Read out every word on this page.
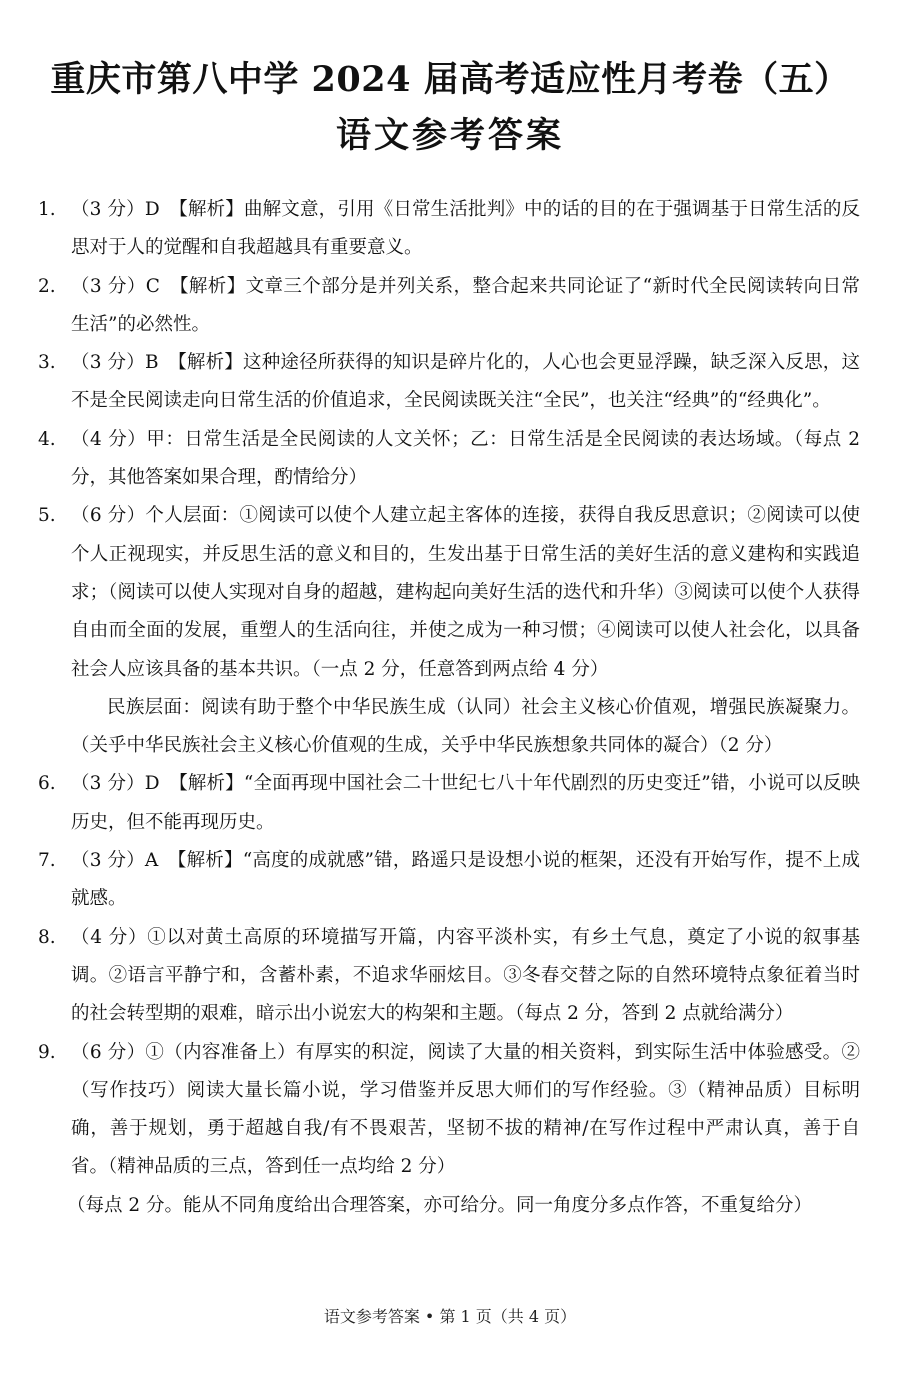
重庆市第八中学 2024 届高考适应性月考卷（五）
语文参考答案
1. （3 分）D　【解析】曲解文意，引用《日常生活批判》中的话的目的在于强调基于日常生活的反思对于人的觉醒和自我超越具有重要意义。
2. （3 分）C　【解析】文章三个部分是并列关系，整合起来共同论证了“新时代全民阅读转向日常生活”的必然性。
3. （3 分）B　【解析】这种途径所获得的知识是碎片化的，人心也会更显浮躁，缺乏深入反思，这不是全民阅读走向日常生活的价值追求，全民阅读既关注“全民”，也关注“经典”的“经典化”。
4. （4 分）甲：日常生活是全民阅读的人文关怀；乙：日常生活是全民阅读的表达场域。（每点 2 分，其他答案如果合理，酌情给分）
5. （6 分）个人层面：①阅读可以使个人建立起主客体的连接，获得自我反思意识；②阅读可以使个人正视现实，并反思生活的意义和目的，生发出基于日常生活的美好生活的意义建构和实践追求；（阅读可以使人实现对自身的超越，建构起向美好生活的迭代和升华）③阅读可以使个人获得自由而全面的发展，重塑人的生活向往，并使之成为一种习惯；④阅读可以使人社会化，以具备社会人应该具备的基本共识。（一点 2 分，任意答到两点给 4 分）
民族层面：阅读有助于整个中华民族生成（认同）社会主义核心价值观，增强民族凝聚力。（关乎中华民族社会主义核心价值观的生成，关乎中华民族想象共同体的凝合）（2 分）
6. （3 分）D　【解析】“全面再现中国社会二十世纪七八十年代剧烈的历史变迁”错，小说可以反映历史，但不能再现历史。
7. （3 分）A　【解析】“高度的成就感”错，路遥只是设想小说的框架，还没有开始写作，提不上成就感。
8. （4 分）①以对黄土高原的环境描写开篇，内容平淡朴实，有乡土气息，奠定了小说的叙事基调。②语言平静宁和，含蓄朴素，不追求华丽炫目。③冬春交替之际的自然环境特点象征着当时的社会转型期的艰难，暗示出小说宏大的构架和主题。（每点 2 分，答到 2 点就给满分）
9. （6 分）①（内容准备上）有厚实的积淀，阅读了大量的相关资料，到实际生活中体验感受。②（写作技巧）阅读大量长篇小说，学习借鉴并反思大师们的写作经验。③（精神品质）目标明确，善于规划，勇于超越自我/有不畏艰苦，坚韧不拔的精神/在写作过程中严肃认真，善于自省。（精神品质的三点，答到任一点均给 2 分）
（每点 2 分。能从不同角度给出合理答案，亦可给分。同一角度分多点作答，不重复给分）
语文参考答案 • 第 1 页（共 4 页）
